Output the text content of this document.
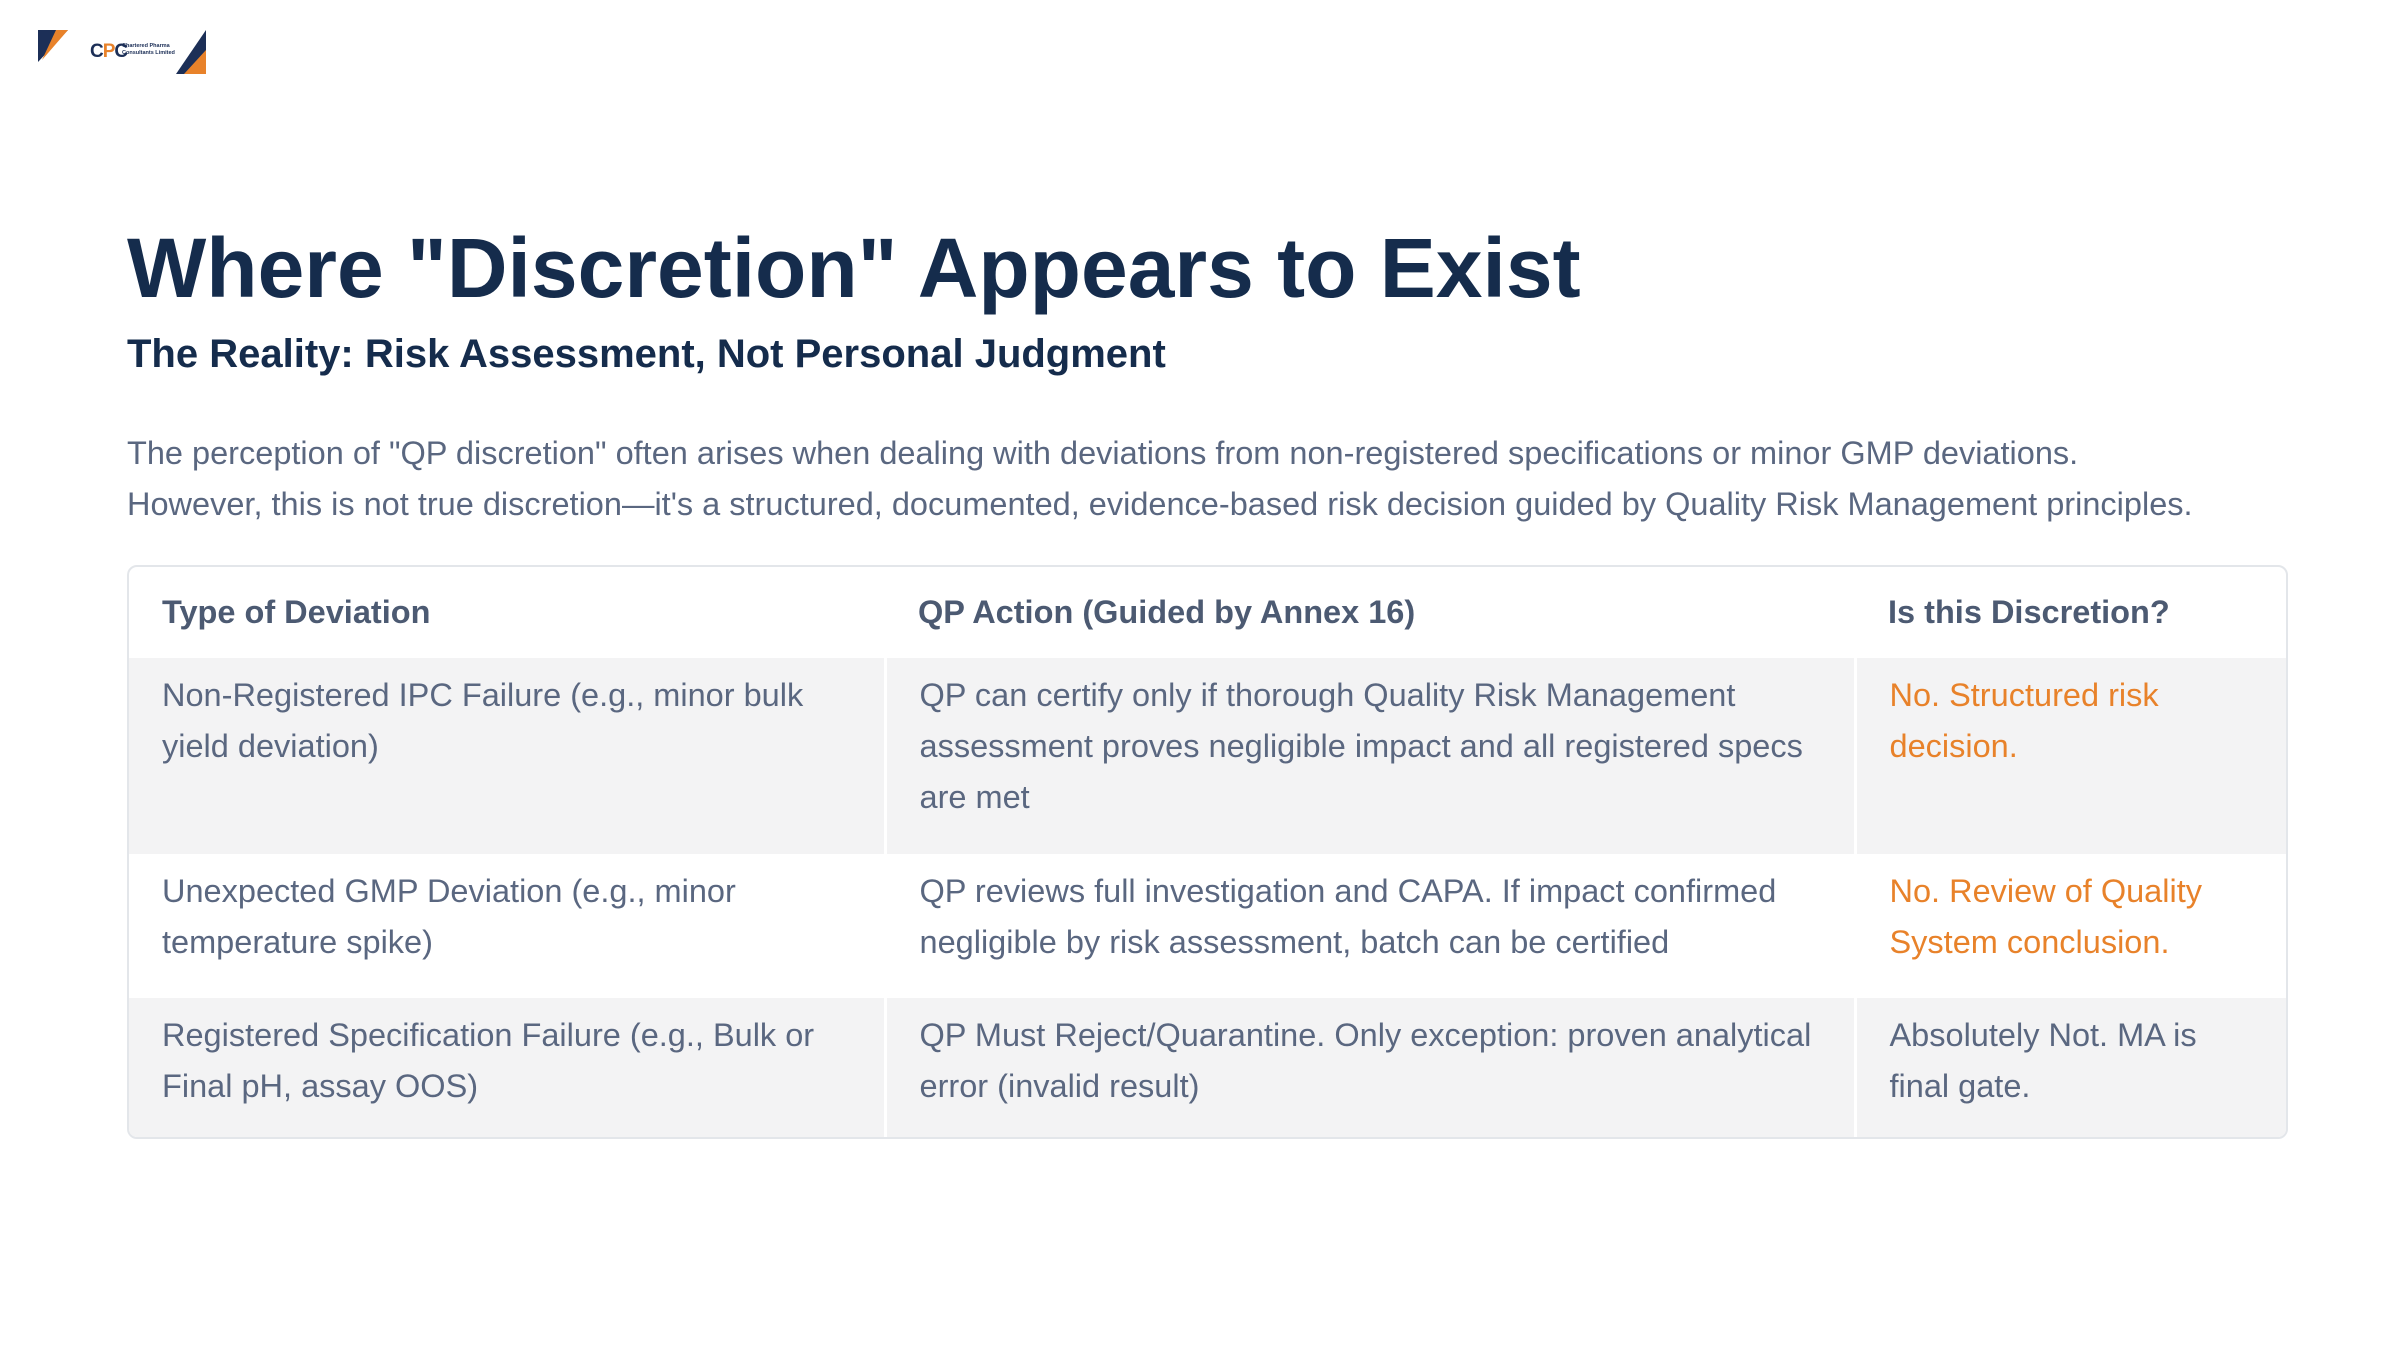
CPC
Chartered Pharma
Consultants Limited
Where "Discretion" Appears to Exist
The Reality: Risk Assessment, Not Personal Judgment

The perception of "QP discretion" often arises when dealing with deviations from non-registered specifications or minor GMP deviations.
However, this is not true discretion—it's a structured, documented, evidence-based risk decision guided by Quality Risk Management principles.

Type of Deviation	QP Action (Guided by Annex 16)	Is this Discretion?
Non-Registered IPC Failure (e.g., minor bulk yield deviation)	QP can certify only if thorough Quality Risk Management assessment proves negligible impact and all registered specs are met	No. Structured risk decision.
Unexpected GMP Deviation (e.g., minor temperature spike)	QP reviews full investigation and CAPA. If impact confirmed negligible by risk assessment, batch can be certified	No. Review of Quality System conclusion.
Registered Specification Failure (e.g., Bulk or Final pH, assay OOS)	QP Must Reject/Quarantine. Only exception: proven analytical error (invalid result)	Absolutely Not. MA is final gate.
